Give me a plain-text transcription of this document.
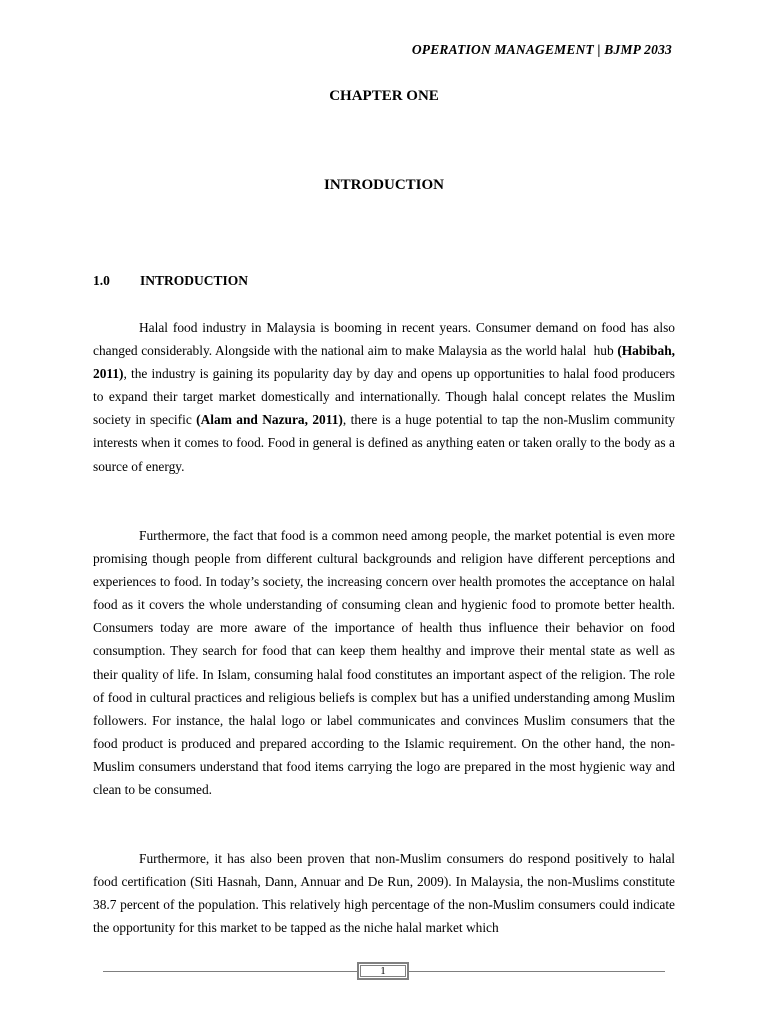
OPERATION MANAGEMENT | BJMP 2033
CHAPTER ONE
INTRODUCTION
1.0 INTRODUCTION

Halal food industry in Malaysia is booming in recent years. Consumer demand on food has also changed considerably. Alongside with the national aim to make Malaysia as the world halal  hub (Habibah, 2011), the industry is gaining its popularity day by day and opens up opportunities to halal food producers to expand their target market domestically and internationally. Though halal concept relates the Muslim society in specific (Alam and Nazura, 2011), there is a huge potential to tap the non-Muslim community interests when it comes to food. Food in general is defined as anything eaten or taken orally to the body as a source of energy.

Furthermore, the fact that food is a common need among people, the market potential is even more promising though people from different cultural backgrounds and religion have different perceptions and experiences to food. In today’s society, the increasing concern over health promotes the acceptance on halal food as it covers the whole understanding of consuming clean and hygienic food to promote better health. Consumers today are more aware of the importance of health thus influence their behavior on food consumption. They search for food that can keep them healthy and improve their mental state as well as their quality of life. In Islam, consuming halal food constitutes an important aspect of the religion. The role of food in cultural practices and religious beliefs is complex but has a unified understanding among Muslim followers. For instance, the halal logo or label communicates and convinces Muslim consumers that the food product is produced and prepared according to the Islamic requirement. On the other hand, the non-Muslim consumers understand that food items carrying the logo are prepared in the most hygienic way and clean to be consumed.

Furthermore, it has also been proven that non-Muslim consumers do respond positively to halal food certification (Siti Hasnah, Dann, Annuar and De Run, 2009). In Malaysia, the non-Muslims constitute 38.7 percent of the population. This relatively high percentage of the non-Muslim consumers could indicate the opportunity for this market to be tapped as the niche halal market which

1
